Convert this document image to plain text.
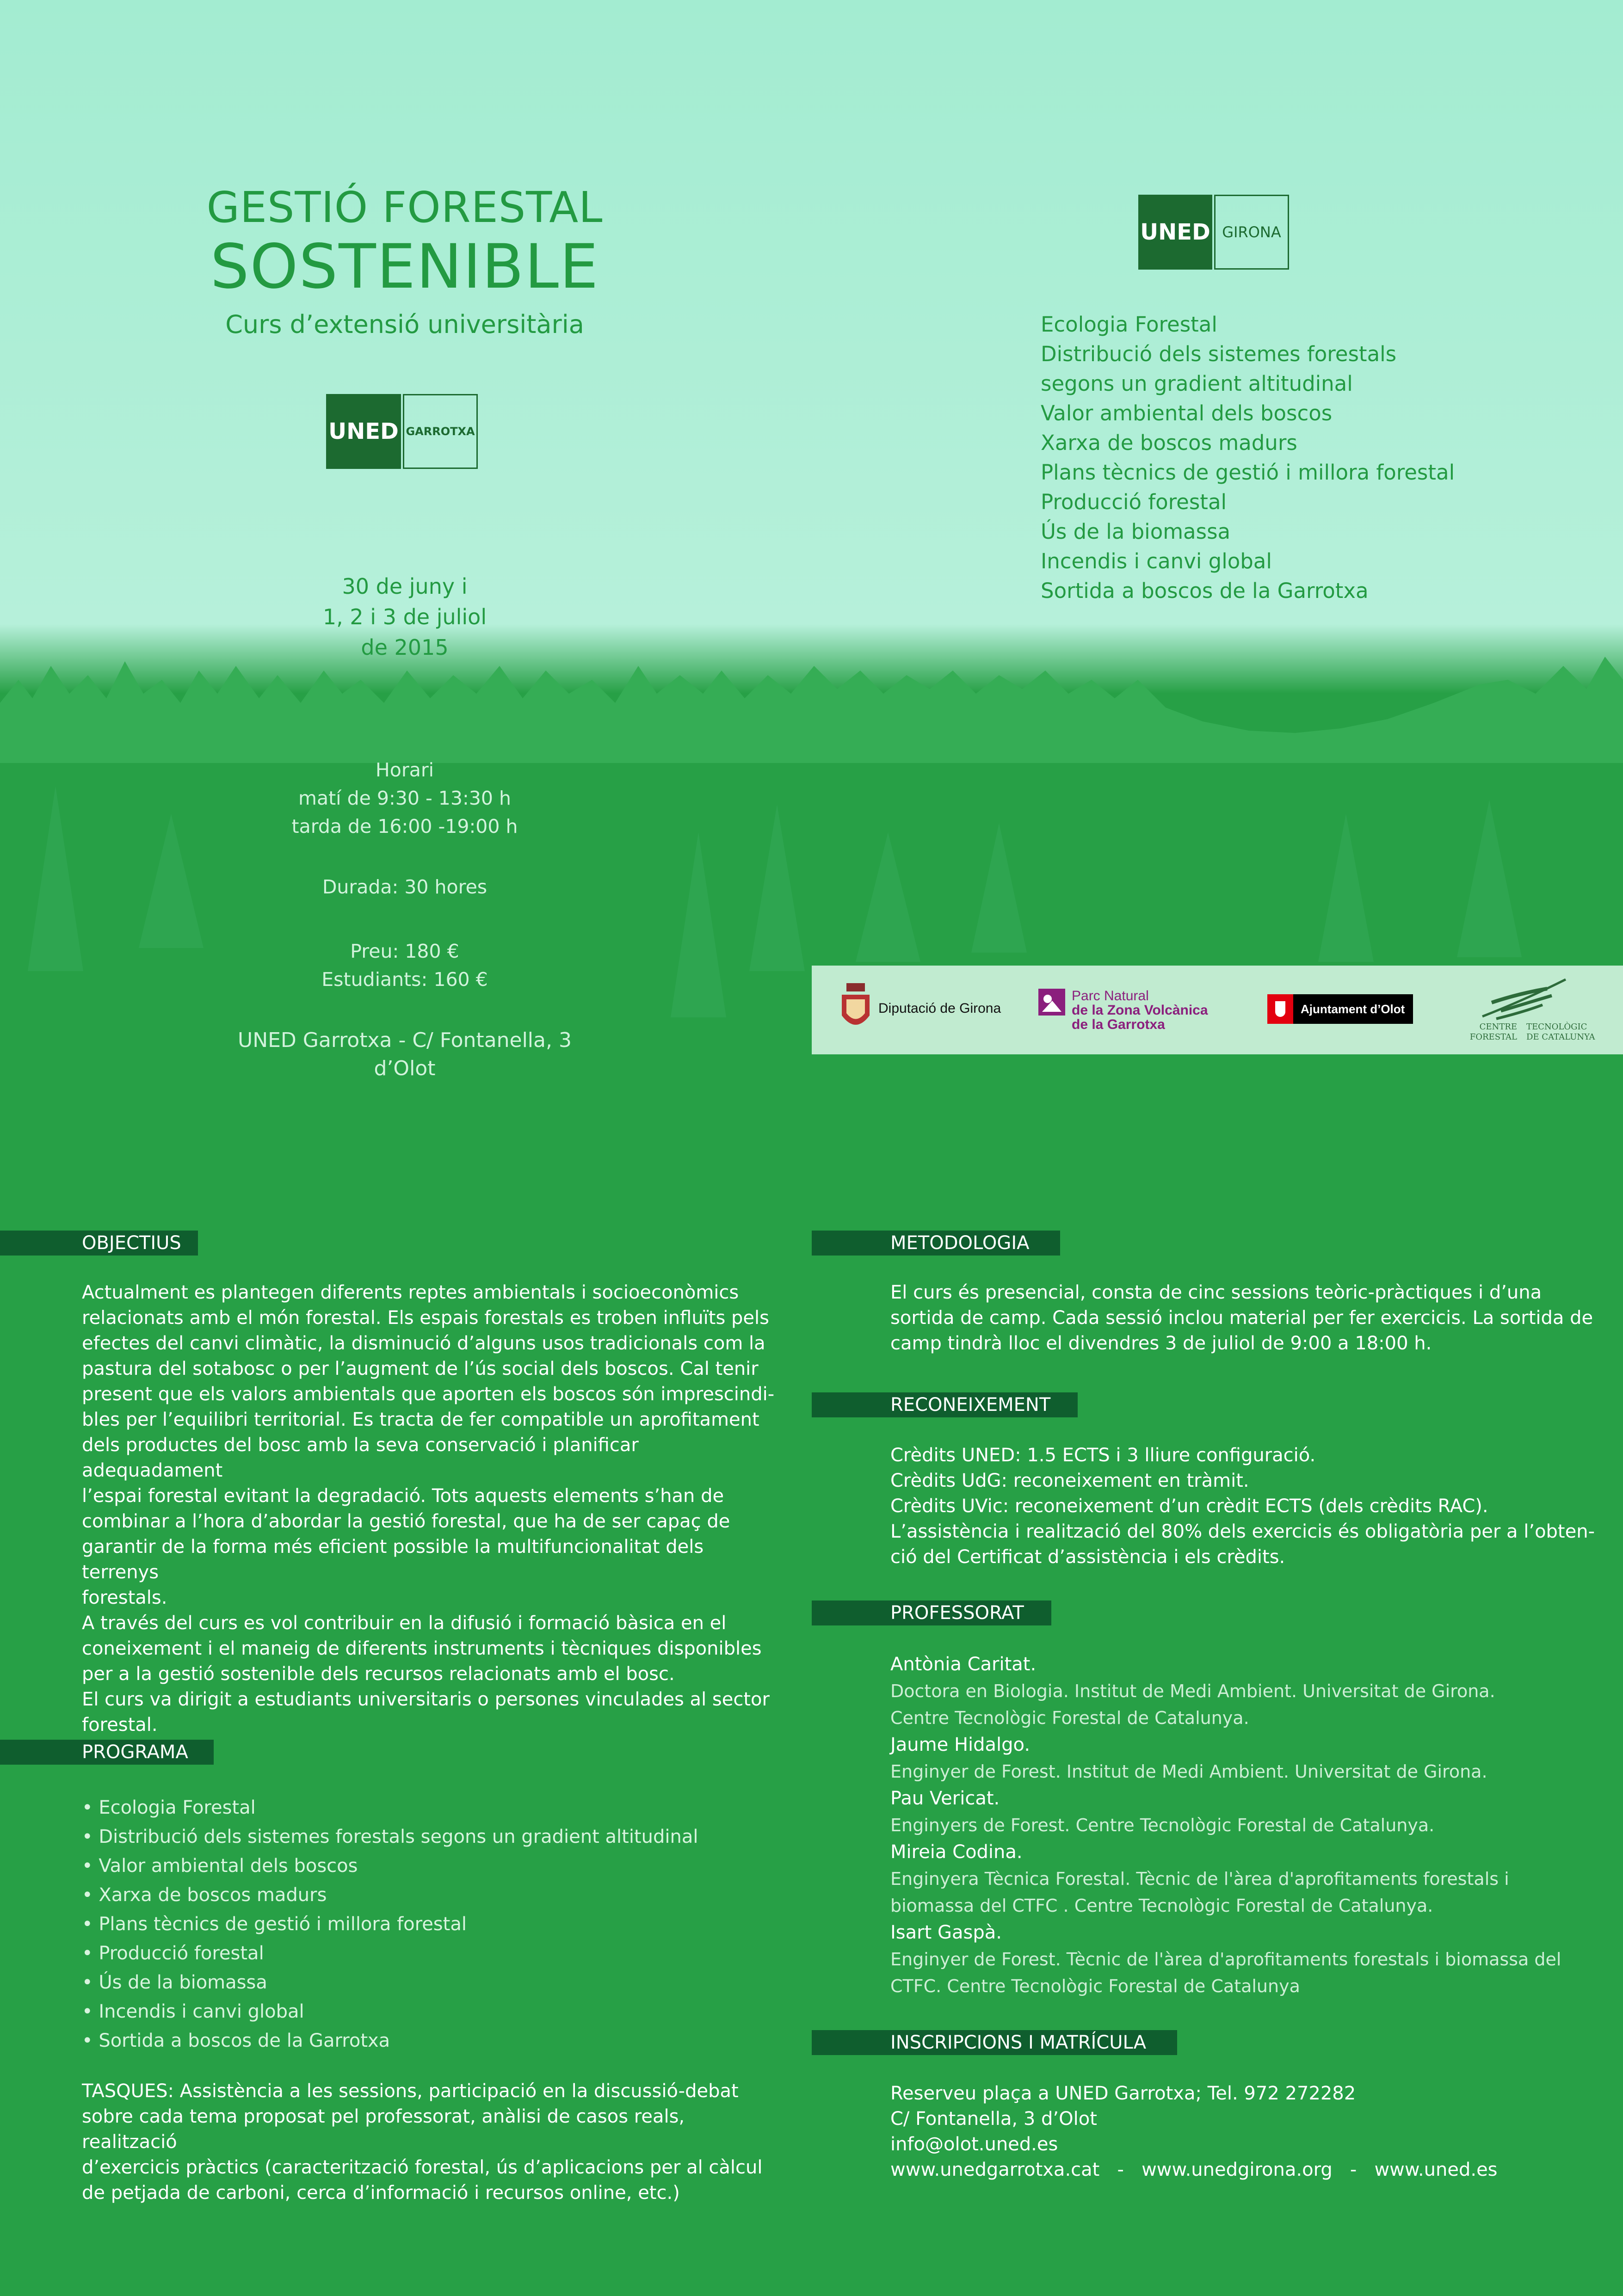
GESTIÓ FORESTAL
SOSTENIBLE
Curs d’extensió universitària
UNED GARROTXA
UNED GIRONA
30 de juny i
1, 2 i 3 de juliol
de 2015
Horari
matí de 9:30 - 13:30 h
tarda de 16:00 -19:00 h
Durada: 30 hores
Preu: 180 €
Estudiants: 160 €
UNED Garrotxa - C/ Fontanella, 3 d’Olot
Ecologia Forestal
Distribució dels sistemes forestals
segons un gradient altitudinal
Valor ambiental dels boscos
Xarxa de boscos madurs
Plans tècnics de gestió i millora forestal
Producció forestal
Ús de la biomassa
Incendis i canvi global
Sortida a boscos de la Garrotxa
Diputació de Girona
Parc Natural
de la Zona Volcànica
de la Garrotxa
Ajuntament d’Olot
CENTRE
FORESTAL
TECNOLÒGIC
DE CATALUNYA
OBJECTIUS
Actualment es plantegen diferents reptes ambientals i socioeconòmics
relacionats amb el món forestal. Els espais forestals es troben influïts pels
efectes del canvi climàtic, la disminució d’alguns usos tradicionals com la
pastura del sotabosc o per l’augment de l’ús social dels boscos. Cal tenir
present que els valors ambientals que aporten els boscos són imprescindi-
bles per l’equilibri territorial. Es tracta de fer compatible un aprofitament
dels productes del bosc amb la seva conservació i planificar adequadament
l’espai forestal evitant la degradació. Tots aquests elements s’han de
combinar a l’hora d’abordar la gestió forestal, que ha de ser capaç de
garantir de la forma més eficient possible la multifuncionalitat dels terrenys
forestals.
A través del curs es vol contribuir en la difusió i formació bàsica en el
coneixement i el maneig de diferents instruments i tècniques disponibles
per a la gestió sostenible dels recursos relacionats amb el bosc.
El curs va dirigit a estudiants universitaris o persones vinculades al sector
forestal.
PROGRAMA
• Ecologia Forestal
• Distribució dels sistemes forestals segons un gradient altitudinal
• Valor ambiental dels boscos
• Xarxa de boscos madurs
• Plans tècnics de gestió i millora forestal
• Producció forestal
• Ús de la biomassa
• Incendis i canvi global
• Sortida a boscos de la Garrotxa
TASQUES: Assistència a les sessions, participació en la discussió-debat
sobre cada tema proposat pel professorat, anàlisi de casos reals, realització
d’exercicis pràctics (caracterització forestal, ús d’aplicacions per al càlcul
de petjada de carboni, cerca d’informació i recursos online, etc.)
METODOLOGIA
El curs és presencial, consta de cinc sessions teòric-pràctiques i d’una
sortida de camp. Cada sessió inclou material per fer exercicis. La sortida de
camp tindrà lloc el divendres 3 de juliol de 9:00 a 18:00 h.
RECONEIXEMENT
Crèdits UNED: 1.5 ECTS i 3 lliure configuració.
Crèdits UdG: reconeixement en tràmit.
Crèdits UVic: reconeixement d’un crèdit ECTS (dels crèdits RAC).
L’assistència i realització del 80% dels exercicis és obligatòria per a l’obten-
ció del Certificat d’assistència i els crèdits.
PROFESSORAT
Antònia Caritat.
Doctora en Biologia. Institut de Medi Ambient. Universitat de Girona.
Centre Tecnològic Forestal de Catalunya.
Jaume Hidalgo.
Enginyer de Forest. Institut de Medi Ambient. Universitat de Girona.
Pau Vericat.
Enginyers de Forest. Centre Tecnològic Forestal de Catalunya.
Mireia Codina.
Enginyera Tècnica Forestal. Tècnic de l'àrea d'aprofitaments forestals i
biomassa del CTFC . Centre Tecnològic Forestal de Catalunya.
Isart Gaspà.
Enginyer de Forest. Tècnic de l'àrea d'aprofitaments forestals i biomassa del
CTFC. Centre Tecnològic Forestal de Catalunya
INSCRIPCIONS I MATRÍCULA
Reserveu plaça a UNED Garrotxa; Tel. 972 272282
C/ Fontanella, 3 d’Olot
info@olot.uned.es
www.unedgarrotxa.cat - www.unedgirona.org - www.uned.es
